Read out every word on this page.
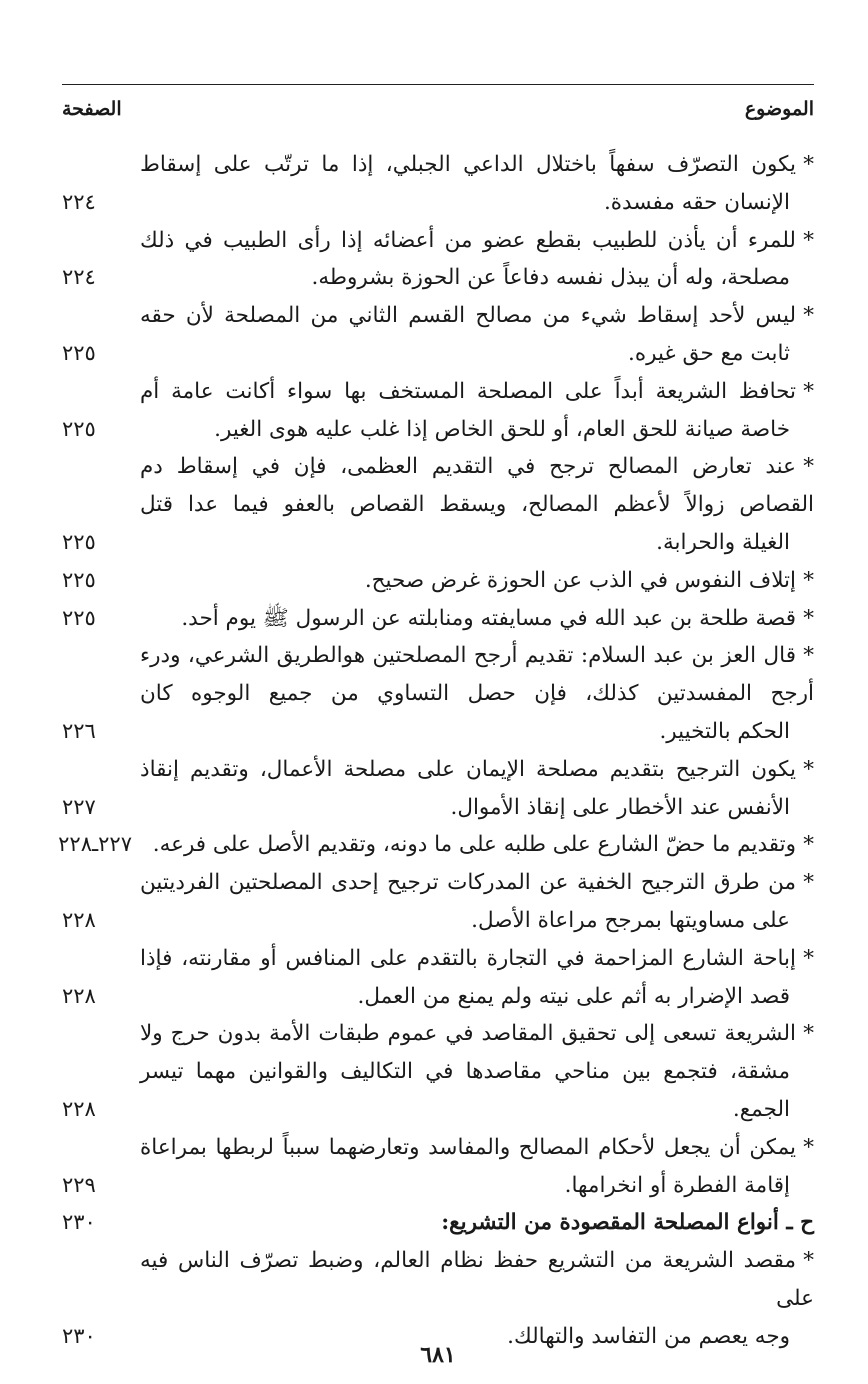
الموضوع
الصفحة
*يكون التصرّف سفهاً باختلال الداعي الجبلي، إذا ما ترتّب على إسقاط
الإنسان حقه مفسدة.
٢٢٤
*للمرء أن يأذن للطبيب بقطع عضو من أعضائه إذا رأى الطبيب في ذلك
مصلحة، وله أن يبذل نفسه دفاعاً عن الحوزة بشروطه.
٢٢٤
*ليس لأحد إسقاط شيء من مصالح القسم الثاني من المصلحة لأن حقه
ثابت مع حق غيره.
٢٢٥
*تحافظ الشريعة أبداً على المصلحة المستخف بها سواء أكانت عامة أم
خاصة صيانة للحق العام، أو للحق الخاص إذا غلب عليه هوى الغير.
٢٢٥
*عند تعارض المصالح ترجح في التقديم العظمى، فإن في إسقاط دم
القصاص زوالاً لأعظم المصالح، ويسقط القصاص بالعفو فيما عدا قتل
الغيلة والحرابة.
٢٢٥
*إتلاف النفوس في الذب عن الحوزة غرض صحيح.
٢٢٥
*قصة طلحة بن عبد الله في مسايفته ومنابلته عن الرسول ﷺ يوم أحد.
٢٢٥
*قال العز بن عبد السلام: تقديم أرجح المصلحتين هوالطريق الشرعي، ودرء
أرجح المفسدتين كذلك، فإن حصل التساوي من جميع الوجوه كان
الحكم بالتخيير.
٢٢٦
*يكون الترجيح بتقديم مصلحة الإيمان على مصلحة الأعمال، وتقديم إنقاذ
الأنفس عند الأخطار على إنقاذ الأموال.
٢٢٧
*وتقديم ما حضّ الشارع على طلبه على ما دونه، وتقديم الأصل على فرعه.
٢٢٧ـ٢٢٨
*من طرق الترجيح الخفية عن المدركات ترجيح إحدى المصلحتين الفرديتين
على مساويتها بمرجح مراعاة الأصل.
٢٢٨
*إباحة الشارع المزاحمة في التجارة بالتقدم على المنافس أو مقارنته، فإذا
قصد الإضرار به أثم على نيته ولم يمنع من العمل.
٢٢٨
*الشريعة تسعى إلى تحقيق المقاصد في عموم طبقات الأمة بدون حرج ولا
مشقة، فتجمع بين مناحي مقاصدها في التكاليف والقوانين مهما تيسر الجمع.
٢٢٨
*يمكن أن يجعل لأحكام المصالح والمفاسد وتعارضهما سبباً لربطها بمراعاة
إقامة الفطرة أو انخرامها.
٢٢٩
ح ـ أنواع المصلحة المقصودة من التشريع:
٢٣٠
*مقصد الشريعة من التشريع حفظ نظام العالم، وضبط تصرّف الناس فيه على
وجه يعصم من التفاسد والتهالك.
٢٣٠
٦٨١
